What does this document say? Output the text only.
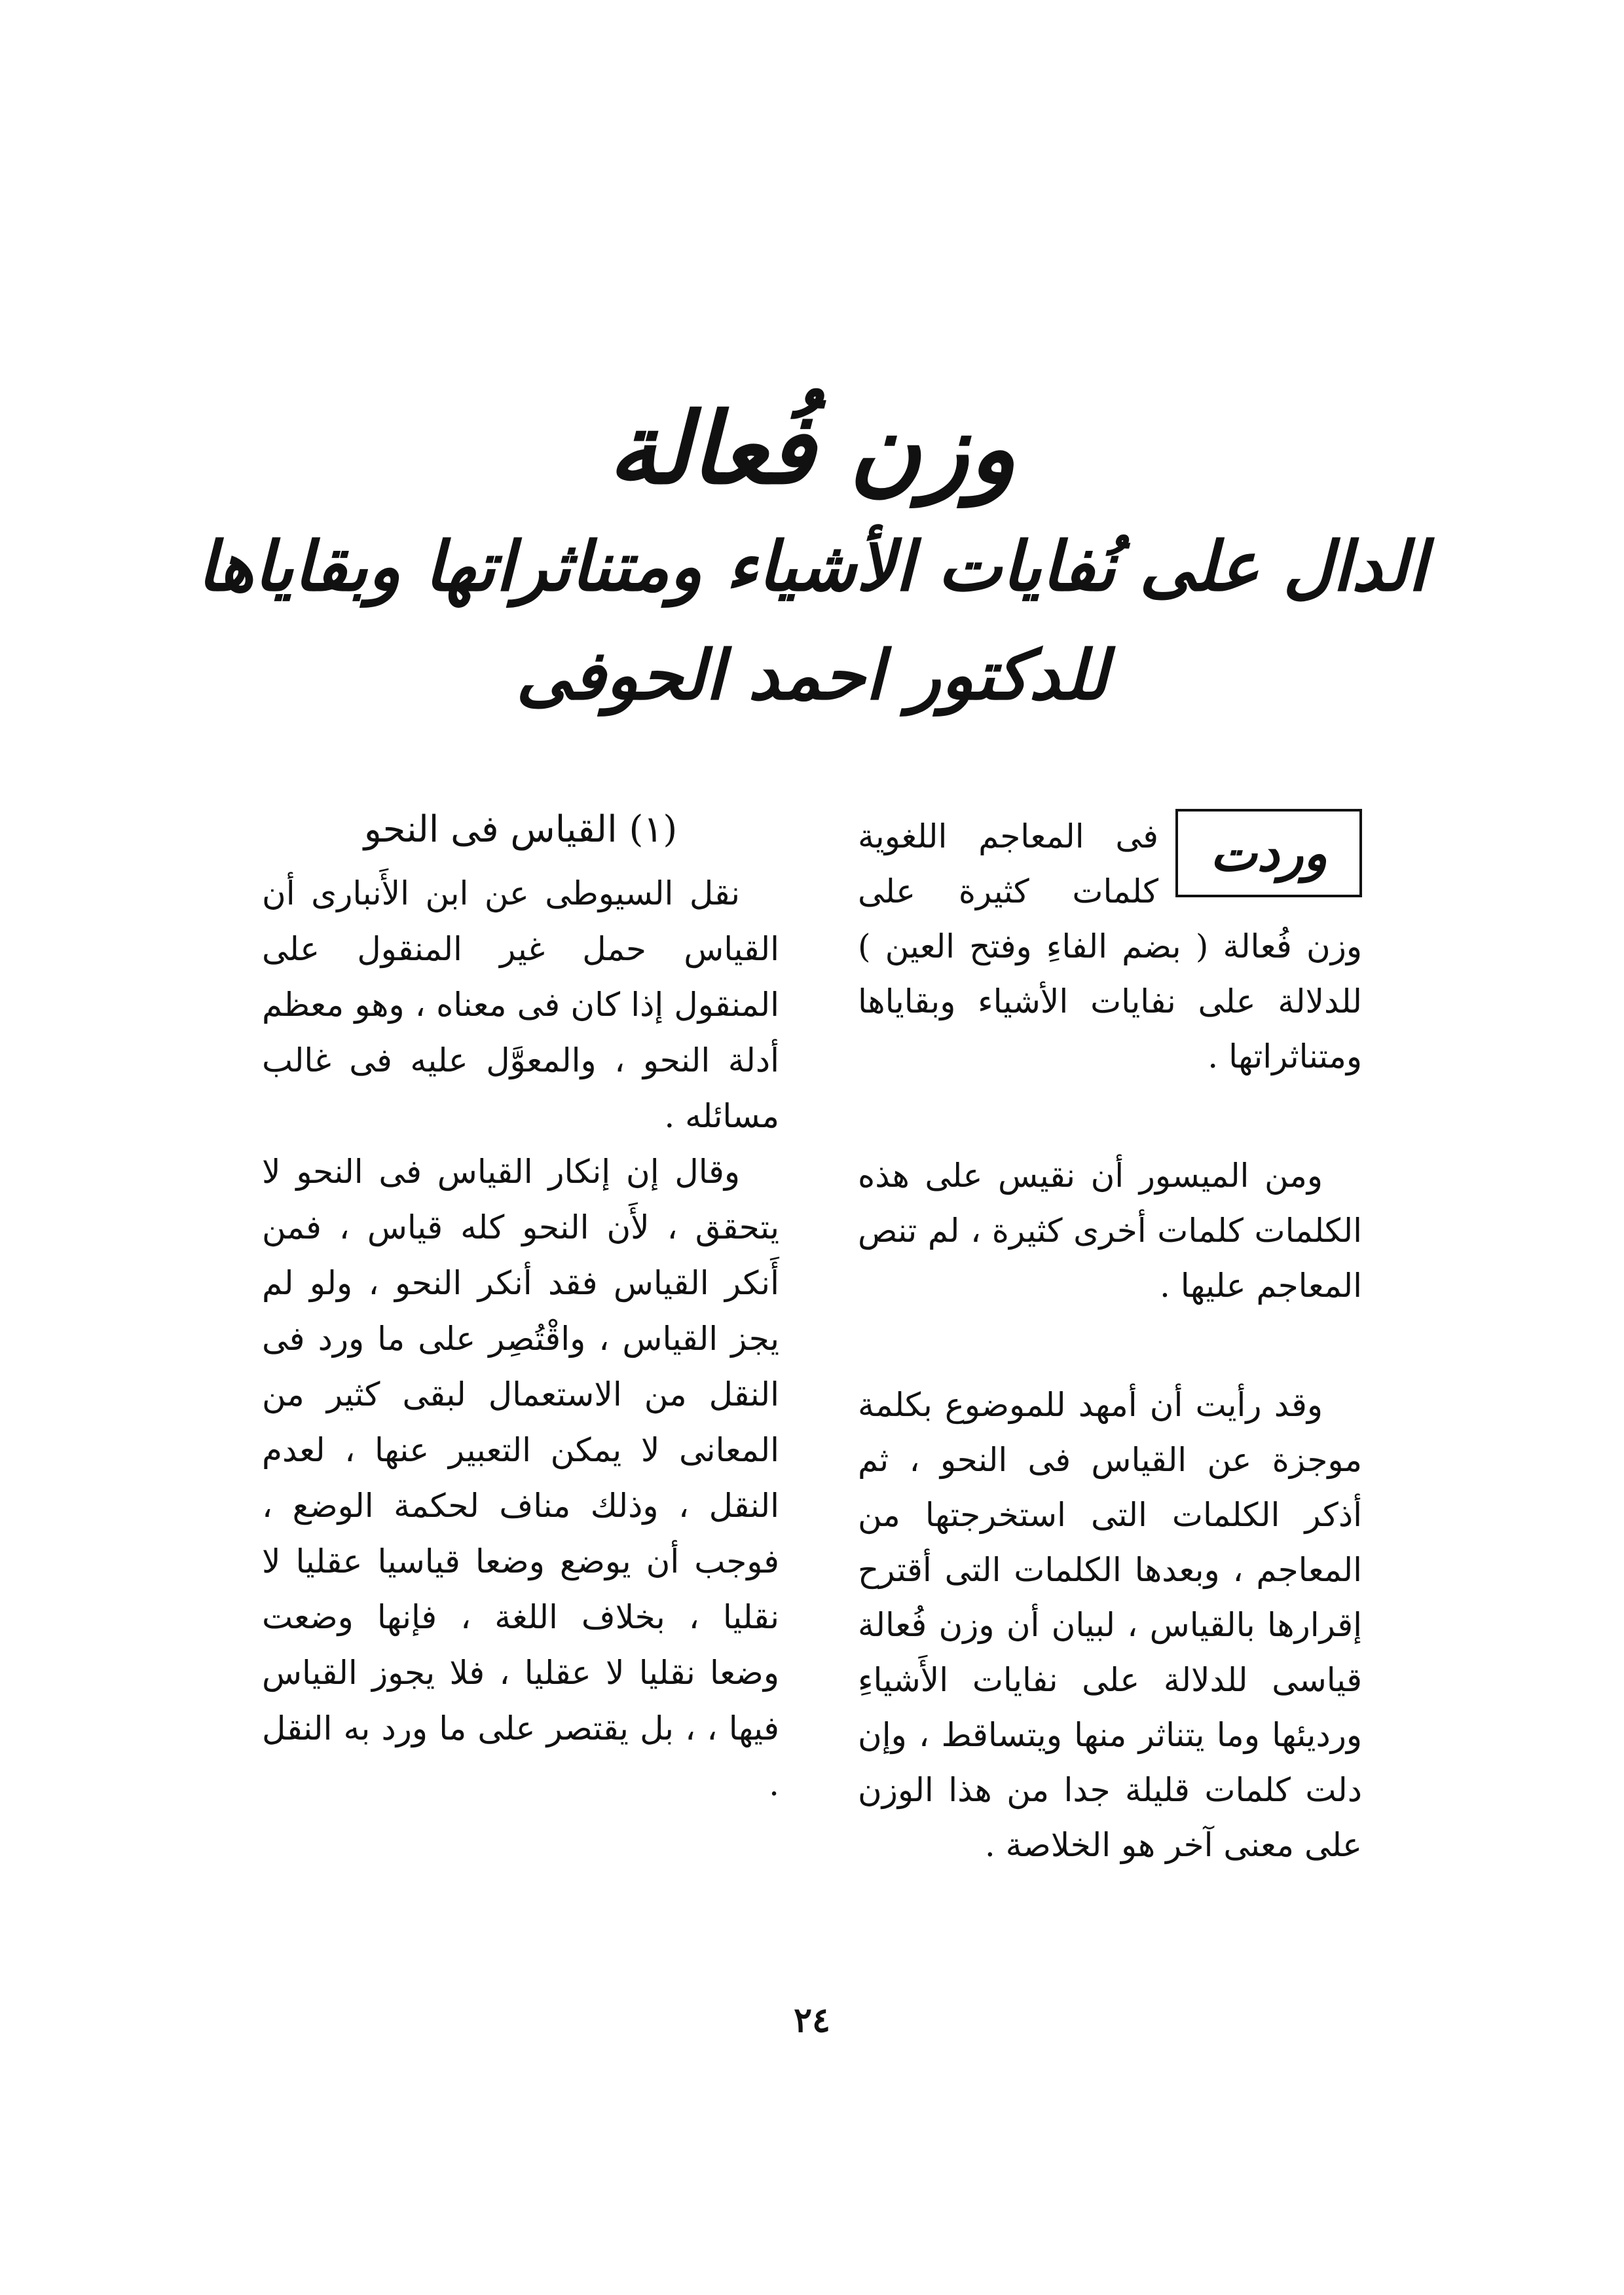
وزن فُعالة
الدال على نُفايات الأشياء ومتناثراتها وبقاياها
للدكتور احمد الحوفى
وردت

فى المعاجم اللغوية كلمات كثيرة على وزن فُعالة ( بضم الفاءِ وفتح العين ) للدلالة على نفايات الأشياء وبقاياها ومتناثراتها .

ومن الميسور أن نقيس على هذه الكلمات كلمات أخرى كثيرة ، لم تنص المعاجم عليها .

وقد رأيت أن أمهد للموضوع بكلمة موجزة عن القياس فى النحو ، ثم أذكر الكلمات التى استخرجتها من المعاجم ، وبعدها الكلمات التى أقترح إقرارها بالقياس ، لبيان أن وزن فُعالة قياسى للدلالة على نفايات الأَشياءِ ورديئها وما يتناثر منها ويتساقط ، وإن دلت كلمات قليلة جدا من هذا الوزن على معنى آخر هو الخلاصة .

(١) القياس فى النحو

نقل السيوطى عن ابن الأَنبارى أن القياس حمل غير المنقول على المنقول إذا كان فى معناه ، وهو معظم أدلة النحو ، والمعوَّل عليه فى غالب مسائله .

وقال إن إنكار القياس فى النحو لا يتحقق ، لأَن النحو كله قياس ، فمن أَنكر القياس فقد أنكر النحو ، ولو لم يجز القياس ، واقْتُصِر على ما ورد فى النقل من الاستعمال لبقى كثير من المعانى لا يمكن التعبير عنها ، لعدم النقل ، وذلك مناف لحكمة الوضع ، فوجب أن يوضع وضعا قياسيا عقليا لا نقليا ، بخلاف اللغة ، فإنها وضعت وضعا نقليا لا عقليا ، فلا يجوز القياس فيها ، ، بل يقتصر على ما ورد به النقل .

٢٤
